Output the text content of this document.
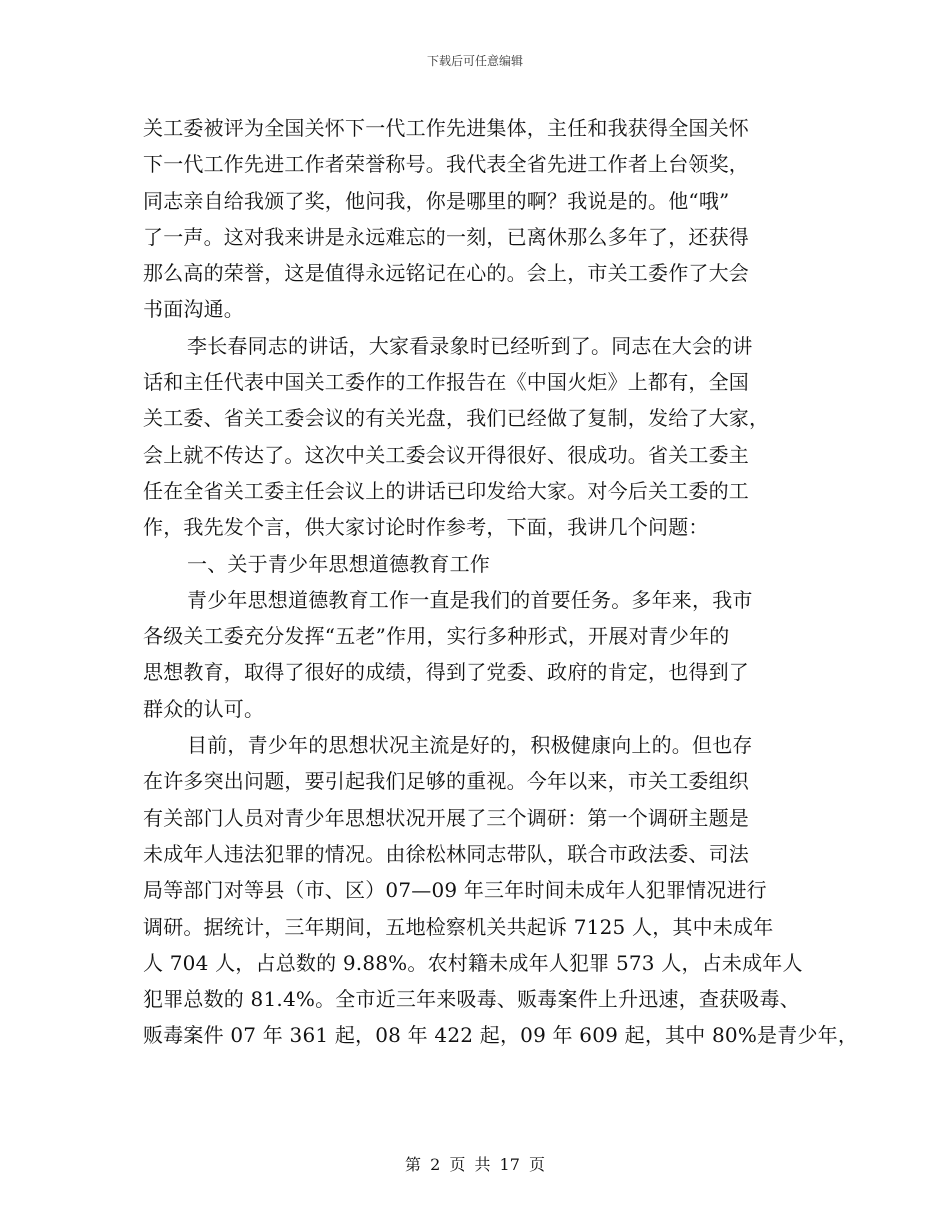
下载后可任意编辑
关工委被评为全国关怀下一代工作先进集体，主任和我获得全国关怀
下一代工作先进工作者荣誉称号。我代表全省先进工作者上台领奖，
同志亲自给我颁了奖，他问我，你是哪里的啊？我说是的。他“哦”
了一声。这对我来讲是永远难忘的一刻，已离休那么多年了，还获得
那么高的荣誉，这是值得永远铭记在心的。会上，市关工委作了大会
书面沟通。
李长春同志的讲话，大家看录象时已经听到了。同志在大会的讲
话和主任代表中国关工委作的工作报告在《中国火炬》上都有，全国
关工委、省关工委会议的有关光盘，我们已经做了复制，发给了大家，
会上就不传达了。这次中关工委会议开得很好、很成功。省关工委主
任在全省关工委主任会议上的讲话已印发给大家。对今后关工委的工
作，我先发个言，供大家讨论时作参考，下面，我讲几个问题：
一、关于青少年思想道德教育工作
青少年思想道德教育工作一直是我们的首要任务。多年来，我市
各级关工委充分发挥“五老”作用，实行多种形式，开展对青少年的
思想教育，取得了很好的成绩，得到了党委、政府的肯定，也得到了
群众的认可。
目前，青少年的思想状况主流是好的，积极健康向上的。但也存
在许多突出问题，要引起我们足够的重视。今年以来，市关工委组织
有关部门人员对青少年思想状况开展了三个调研：第一个调研主题是
未成年人违法犯罪的情况。由徐松林同志带队，联合市政法委、司法
局等部门对等县（市、区）07—09 年三年时间未成年人犯罪情况进行
调研。据统计，三年期间，五地检察机关共起诉 7125 人，其中未成年
人 704 人，占总数的 9.88%。农村籍未成年人犯罪 573 人，占未成年人
犯罪总数的 81.4%。全市近三年来吸毒、贩毒案件上升迅速，查获吸毒、
贩毒案件 07 年 361 起，08 年 422 起，09 年 609 起，其中 80%是青少年，
第 2 页 共 17 页
